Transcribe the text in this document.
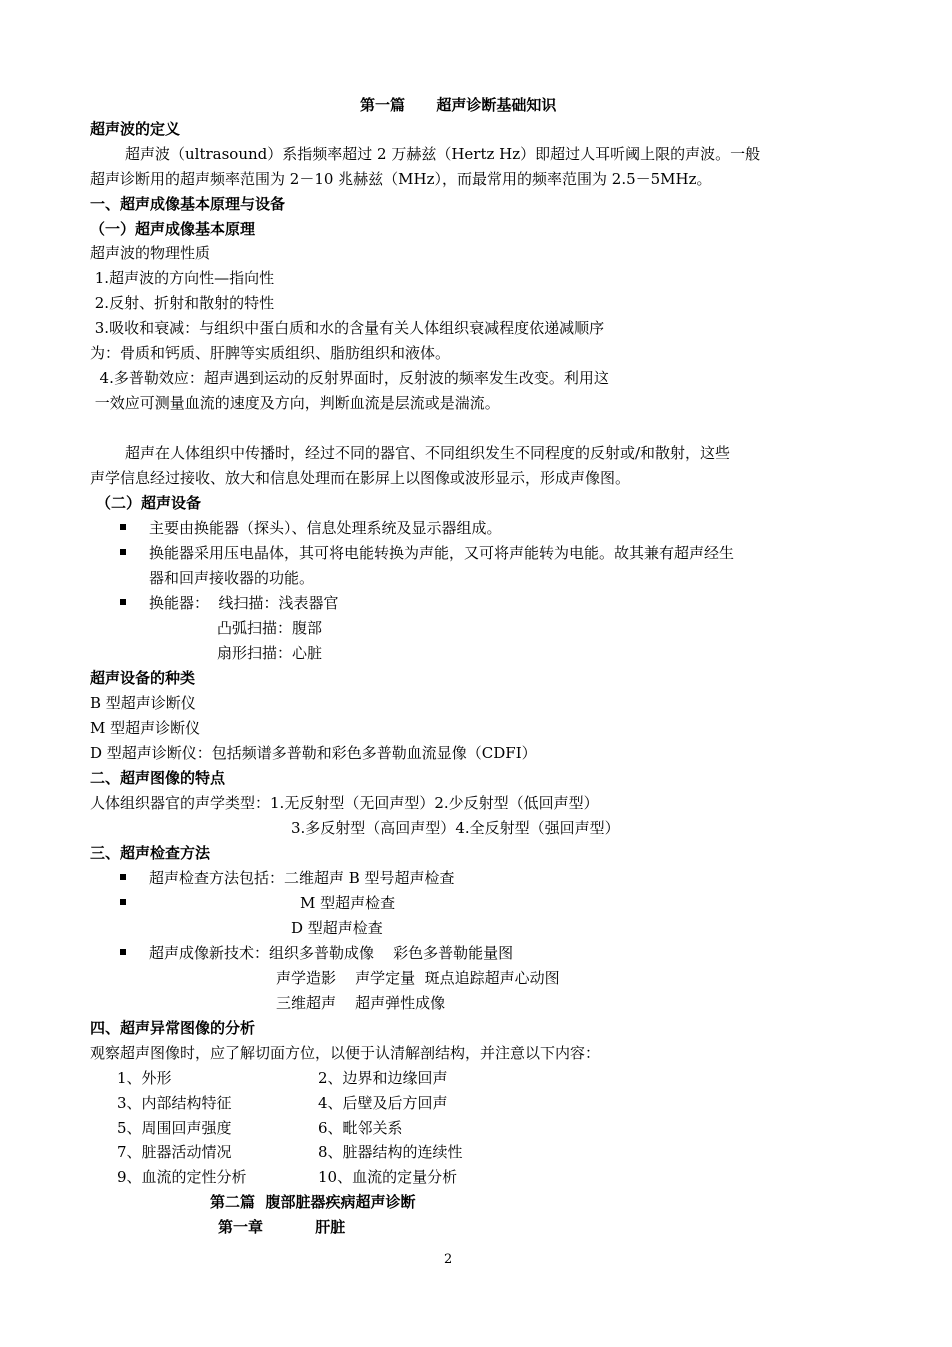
第一篇      超声诊断基础知识
超声波的定义
超声波（ultrasound）系指频率超过 2 万赫兹（Hertz Hz）即超过人耳听阈上限的声波。一般
超声诊断用的超声频率范围为 2－10 兆赫兹（MHz），而最常用的频率范围为 2.5－5MHz。
一、超声成像基本原理与设备
（一）超声成像基本原理
超声波的物理性质
1.超声波的方向性—指向性
2.反射、折射和散射的特性
3.吸收和衰减：与组织中蛋白质和水的含量有关人体组织衰减程度依递减顺序
为：骨质和钙质、肝脾等实质组织、脂肪组织和液体。
4.多普勒效应：超声遇到运动的反射界面时，反射波的频率发生改变。利用这
一效应可测量血流的速度及方向，判断血流是层流或是湍流。
超声在人体组织中传播时，经过不同的器官、不同组织发生不同程度的反射或/和散射，这些
声学信息经过接收、放大和信息处理而在影屏上以图像或波形显示，形成声像图。
（二）超声设备
主要由换能器（探头）、信息处理系统及显示器组成。
换能器采用压电晶体，其可将电能转换为声能，又可将声能转为电能。故其兼有超声经生
器和回声接收器的功能。
换能器：  线扫描：浅表器官
凸弧扫描：腹部
扇形扫描：心脏
超声设备的种类
B 型超声诊断仪
M 型超声诊断仪
D 型超声诊断仪：包括频谱多普勒和彩色多普勒血流显像（CDFI）
二、超声图像的特点
人体组织器官的声学类型：1.无反射型（无回声型）2.少反射型（低回声型）
3.多反射型（高回声型）4.全反射型（强回声型）
三、超声检查方法
超声检查方法包括：二维超声 B 型号超声检查
M 型超声检查
D 型超声检查
超声成像新技术：组织多普勒成像    彩色多普勒能量图
声学造影    声学定量  斑点追踪超声心动图
三维超声    超声弹性成像
四、超声异常图像的分析
观察超声图像时，应了解切面方位，以便于认清解剖结构，并注意以下内容：
1、外形	2、边界和边缘回声
3、内部结构特征	4、后壁及后方回声
5、周围回声强度	6、毗邻关系
7、脏器活动情况	8、脏器结构的连续性
9、血流的定性分析	10、血流的定量分析
第二篇  腹部脏器疾病超声诊断
第一章          肝脏
2
